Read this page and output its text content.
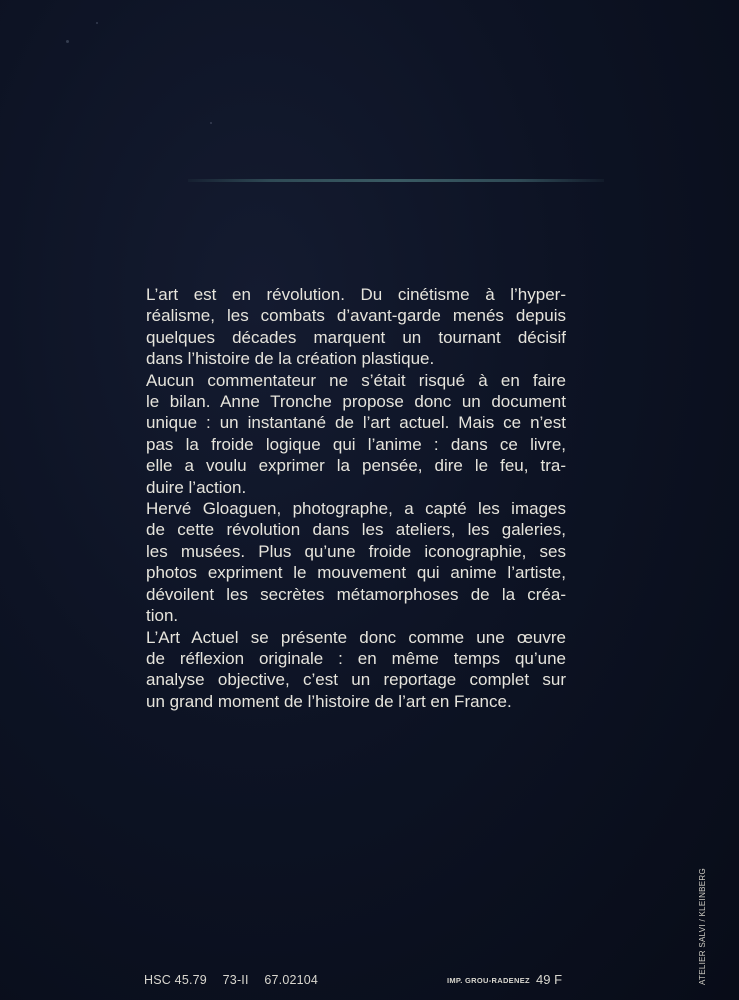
L’art est en révolution. Du cinétisme à l’hyper-
réalisme, les combats d’avant-garde menés depuis
quelques décades marquent un tournant décisif
dans l’histoire de la création plastique.
Aucun commentateur ne s’était risqué à en faire
le bilan. Anne Tronche propose donc un document
unique : un instantané de l’art actuel. Mais ce n’est
pas la froide logique qui l’anime : dans ce livre,
elle a voulu exprimer la pensée, dire le feu, tra-
duire l’action.
Hervé Gloaguen, photographe, a capté les images
de cette révolution dans les ateliers, les galeries,
les musées. Plus qu’une froide iconographie, ses
photos expriment le mouvement qui anime l’artiste,
dévoilent les secrètes métamorphoses de la créa-
tion.
L’Art Actuel se présente donc comme une œuvre
de réflexion originale : en même temps qu’une
analyse objective, c’est un reportage complet sur
un grand moment de l’histoire de l’art en France.
HSC 45.79 73-II 67.02104	IMP. GROU-RADENEZ 49 F	ATELIER SALVI / KLEINBERG
